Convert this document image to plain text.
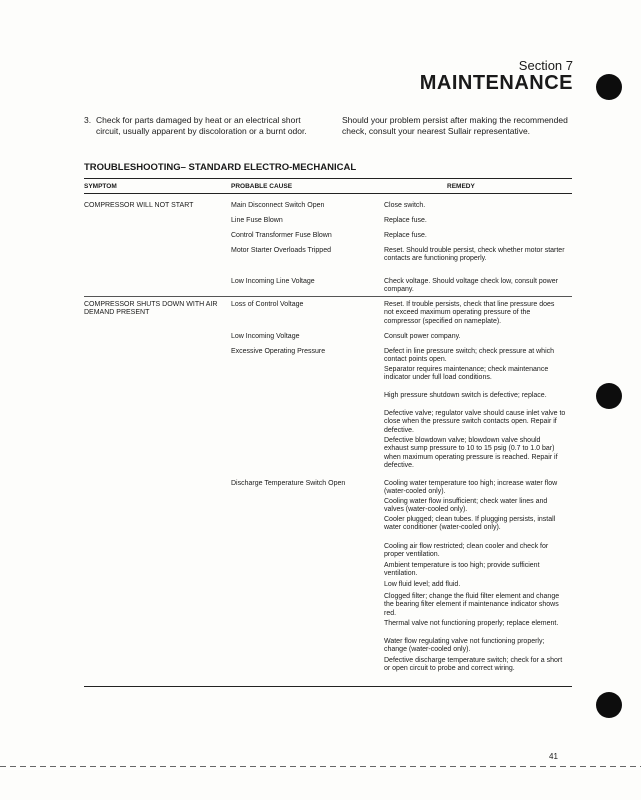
Section 7
MAINTENANCE
3. Check for parts damaged by heat or an electrical short circuit, usually apparent by discoloration or a burnt odor.
Should your problem persist after making the recommended check, consult your nearest Sullair representative.
TROUBLESHOOTING– STANDARD ELECTRO-MECHANICAL
SYMPTOM	PROBABLE CAUSE	REMEDY
COMPRESSOR WILL NOT START
COMPRESSOR SHUTS DOWN WITH AIR DEMAND PRESENT
Main Disconnect Switch Open
Line Fuse Blown
Control Transformer Fuse Blown
Motor Starter Overloads Tripped
Low Incoming Line Voltage
Loss of Control Voltage
Low Incoming Voltage
Excessive Operating Pressure
Discharge Temperature Switch Open
Close switch.
Replace fuse.
Replace fuse.
Reset. Should trouble persist, check whether motor starter contacts are functioning properly.
Check voltage. Should voltage check low, consult power company.
Reset. If trouble persists, check that line pressure does not exceed maximum operating pressure of the compressor (specified on nameplate).
Consult power company.
Defect in line pressure switch; check pressure at which contact points open.
Separator requires maintenance; check maintenance indicator under full load conditions.
High pressure shutdown switch is defective; replace.
Defective valve; regulator valve should cause inlet valve to close when the pressure switch contacts open. Repair if defective.
Defective blowdown valve; blowdown valve should exhaust sump pressure to 10 to 15 psig (0.7 to 1.0 bar) when maximum operating pressure is reached. Repair if defective.
Cooling water temperature too high; increase water flow (water-cooled only).
Cooling water flow insufficient; check water lines and valves (water-cooled only).
Cooler plugged; clean tubes. If plugging persists, install water conditioner (water-cooled only).
Cooling air flow restricted; clean cooler and check for proper ventilation.
Ambient temperature is too high; provide sufficient ventilation.
Low fluid level; add fluid.
Clogged filter; change the fluid filter element and change the bearing filter element if maintenance indicator shows red.
Thermal valve not functioning properly; replace element.
Water flow regulating valve not functioning properly; change (water-cooled only).
Defective discharge temperature switch; check for a short or open circuit to probe and correct wiring.
41
